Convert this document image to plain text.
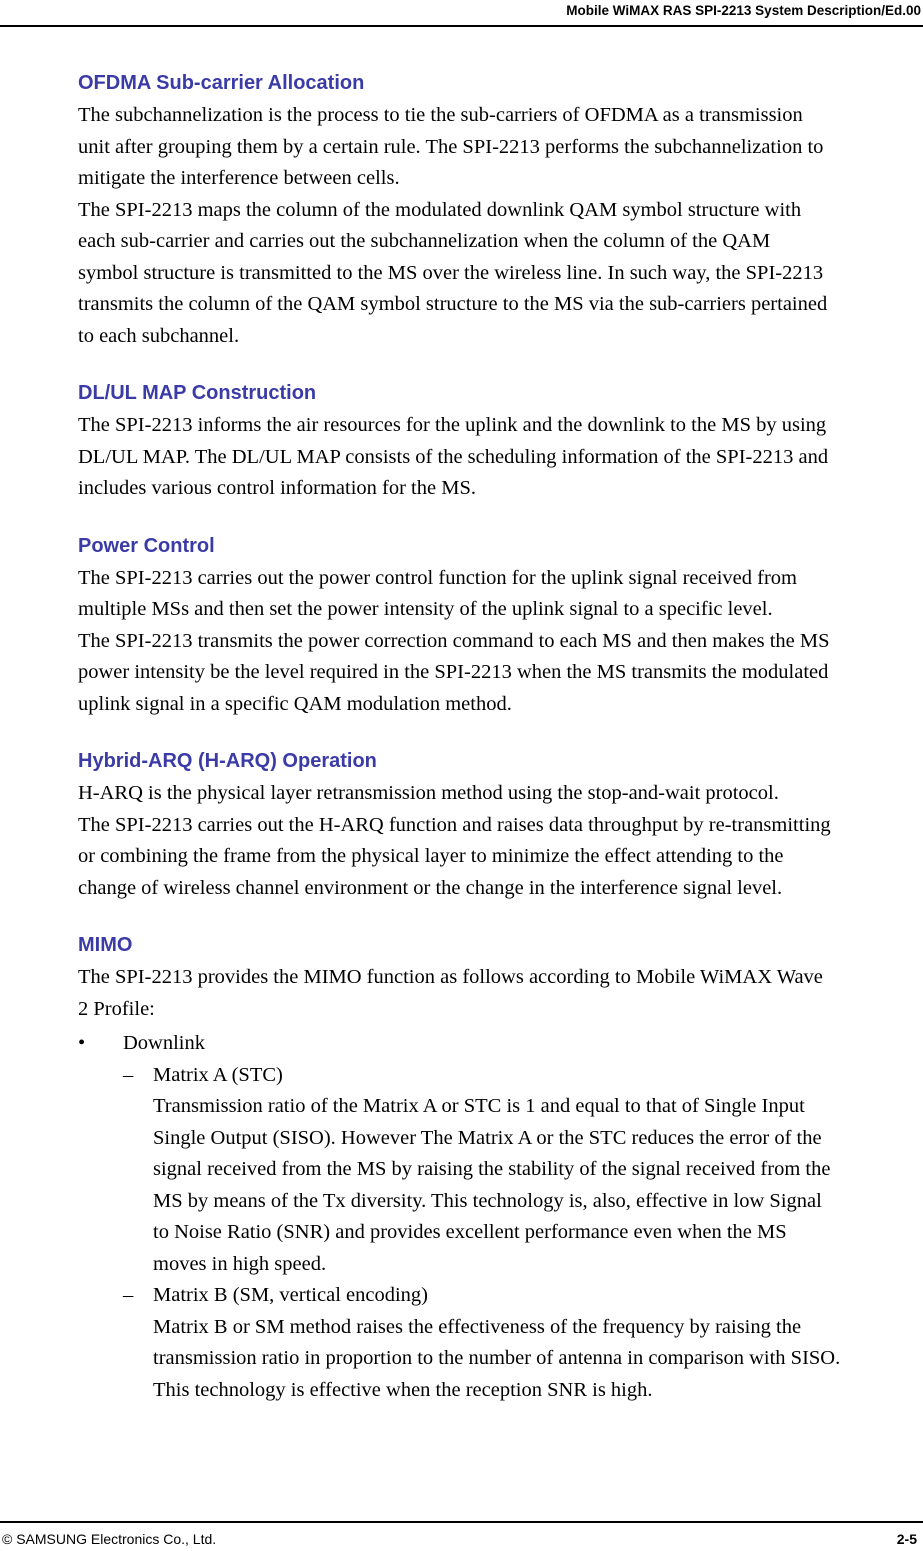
Mobile WiMAX RAS SPI-2213 System Description/Ed.00
OFDMA Sub-carrier Allocation

The subchannelization is the process to tie the sub-carriers of OFDMA as a transmission
unit after grouping them by a certain rule. The SPI-2213 performs the subchannelization to
mitigate the interference between cells.
The SPI-2213 maps the column of the modulated downlink QAM symbol structure with
each sub-carrier and carries out the subchannelization when the column of the QAM
symbol structure is transmitted to the MS over the wireless line. In such way, the SPI-2213
transmits the column of the QAM symbol structure to the MS via the sub-carriers pertained
to each subchannel.

DL/UL MAP Construction

The SPI-2213 informs the air resources for the uplink and the downlink to the MS by using
DL/UL MAP. The DL/UL MAP consists of the scheduling information of the SPI-2213 and
includes various control information for the MS.

Power Control

The SPI-2213 carries out the power control function for the uplink signal received from
multiple MSs and then set the power intensity of the uplink signal to a specific level.
The SPI-2213 transmits the power correction command to each MS and then makes the MS
power intensity be the level required in the SPI-2213 when the MS transmits the modulated
uplink signal in a specific QAM modulation method.

Hybrid-ARQ (H-ARQ) Operation

H-ARQ is the physical layer retransmission method using the stop-and-wait protocol.
The SPI-2213 carries out the H-ARQ function and raises data throughput by re-transmitting
or combining the frame from the physical layer to minimize the effect attending to the
change of wireless channel environment or the change in the interference signal level.

MIMO

The SPI-2213 provides the MIMO function as follows according to Mobile WiMAX Wave
2 Profile:

• Downlink
– Matrix A (STC)
Transmission ratio of the Matrix A or STC is 1 and equal to that of Single Input
Single Output (SISO). However The Matrix A or the STC reduces the error of the
signal received from the MS by raising the stability of the signal received from the
MS by means of the Tx diversity. This technology is, also, effective in low Signal
to Noise Ratio (SNR) and provides excellent performance even when the MS
moves in high speed.
– Matrix B (SM, vertical encoding)
Matrix B or SM method raises the effectiveness of the frequency by raising the
transmission ratio in proportion to the number of antenna in comparison with SISO.
This technology is effective when the reception SNR is high.
© SAMSUNG Electronics Co., Ltd.	2-5
